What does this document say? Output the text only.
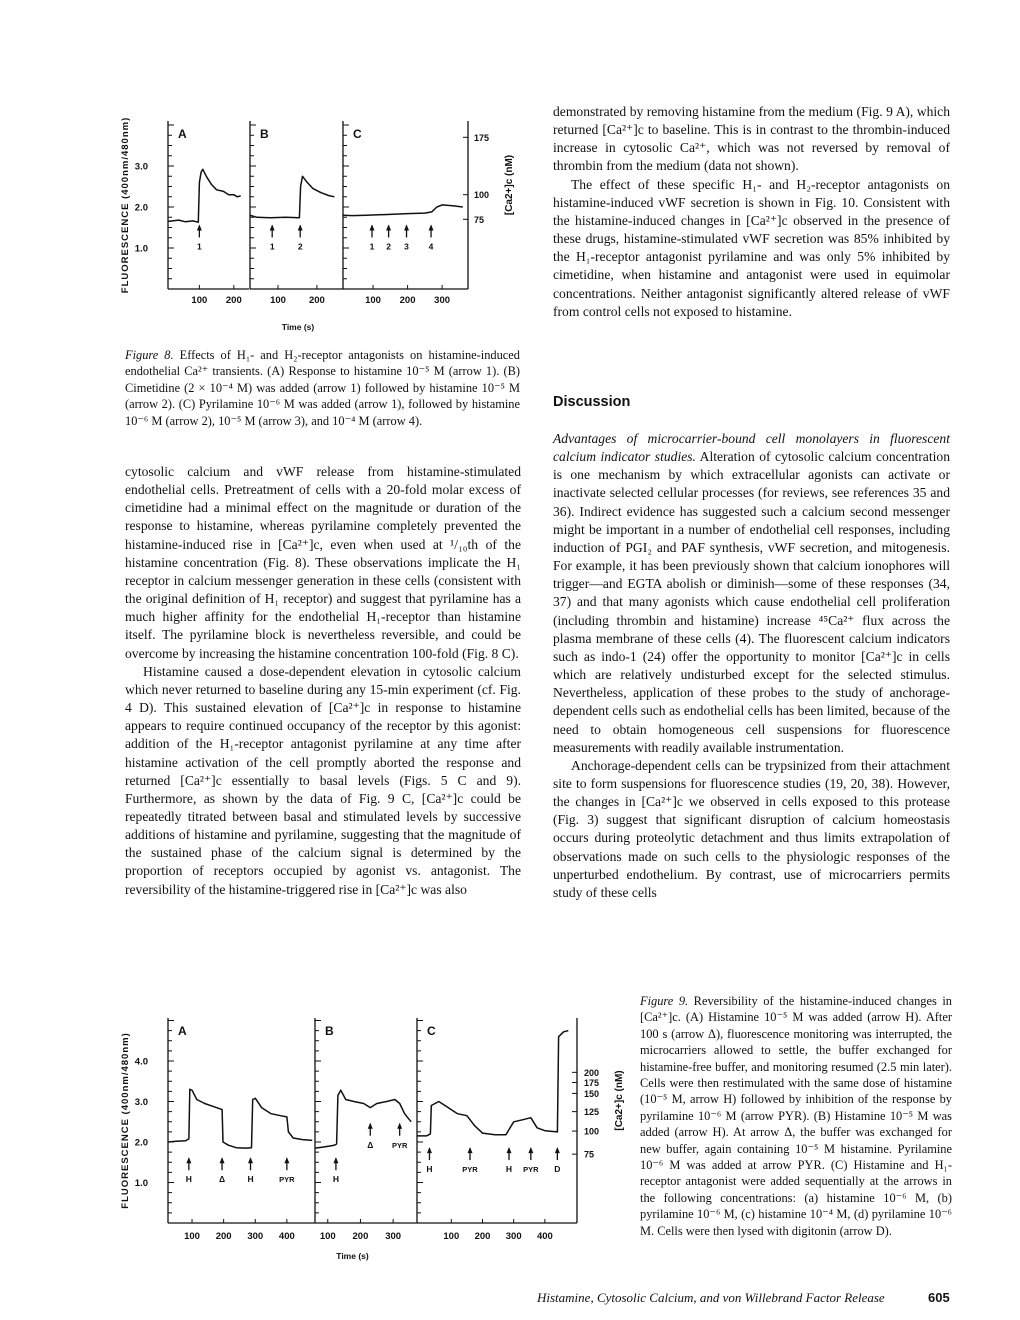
1.0
2.0
3.0
175
100
75
FLUORESCENCE (400nm/480nm)	[Ca2+]c (nM)
Time (s)
100 200
A
1
100 200
B
1	2
100 200 300
C
1 2 3 4
1.0
2.0
3.0
4.0
200
175
150
125
100
75
FLUORESCENCE (400nm/480nm)	[Ca2+]c (nM)
Time (s)
100 200 300 400
A
H	Δ	H	PYR
100 200 300
B
H
Δ PYR
100 200 300 400
C
H	PYR	H PYR D
Figure 8. Effects of H₁- and H₂-receptor antagonists on histamine-induced endothelial Ca²⁺ transients. (A) Response to histamine 10⁻⁵ M (arrow 1). (B) Cimetidine (2 × 10⁻⁴ M) was added (arrow 1) followed by histamine 10⁻⁵ M (arrow 2). (C) Pyrilamine 10⁻⁶ M was added (arrow 1), followed by histamine 10⁻⁶ M (arrow 2), 10⁻⁵ M (arrow 3), and 10⁻⁴ M (arrow 4).

cytosolic calcium and vWF release from histamine-stimulated endothelial cells. Pretreatment of cells with a 20-fold molar excess of cimetidine had a minimal effect on the magnitude or duration of the response to histamine, whereas pyrilamine completely prevented the histamine-induced rise in [Ca²⁺]c, even when used at ¹/₁₀th of the histamine concentration (Fig. 8). These observations implicate the H₁ receptor in calcium messenger generation in these cells (consistent with the original definition of H₁ receptor) and suggest that pyrilamine has a much higher affinity for the endothelial H₁-receptor than histamine itself. The pyrilamine block is nevertheless reversible, and could be overcome by increasing the histamine concentration 100-fold (Fig. 8 C).

Histamine caused a dose-dependent elevation in cytosolic calcium which never returned to baseline during any 15-min experiment (cf. Fig. 4 D). This sustained elevation of [Ca²⁺]c in response to histamine appears to require continued occupancy of the receptor by this agonist: addition of the H₁-receptor antagonist pyrilamine at any time after histamine activation of the cell promptly aborted the response and returned [Ca²⁺]c essentially to basal levels (Figs. 5 C and 9). Furthermore, as shown by the data of Fig. 9 C, [Ca²⁺]c could be repeatedly titrated between basal and stimulated levels by successive additions of histamine and pyrilamine, suggesting that the magnitude of the sustained phase of the calcium signal is determined by the proportion of receptors occupied by agonist vs. antagonist. The reversibility of the histamine-triggered rise in [Ca²⁺]c was also

demonstrated by removing histamine from the medium (Fig. 9 A), which returned [Ca²⁺]c to baseline. This is in contrast to the thrombin-induced increase in cytosolic Ca²⁺, which was not reversed by removal of thrombin from the medium (data not shown).

The effect of these specific H₁- and H₂-receptor antagonists on histamine-induced vWF secretion is shown in Fig. 10. Consistent with the histamine-induced changes in [Ca²⁺]c observed in the presence of these drugs, histamine-stimulated vWF secretion was 85% inhibited by the H₁-receptor antagonist pyrilamine and was only 5% inhibited by cimetidine, when histamine and antagonist were used in equimolar concentrations. Neither antagonist significantly altered release of vWF from control cells not exposed to histamine.

Discussion

Advantages of microcarrier-bound cell monolayers in fluorescent calcium indicator studies. Alteration of cytosolic calcium concentration is one mechanism by which extracellular agonists can activate or inactivate selected cellular processes (for reviews, see references 35 and 36). Indirect evidence has suggested such a calcium second messenger might be important in a number of endothelial cell responses, including induction of PGI₂ and PAF synthesis, vWF secretion, and mitogenesis. For example, it has been previously shown that calcium ionophores will trigger—and EGTA abolish or diminish—some of these responses (34, 37) and that many agonists which cause endothelial cell proliferation (including thrombin and histamine) increase ⁴⁵Ca²⁺ flux across the plasma membrane of these cells (4). The fluorescent calcium indicators such as indo-1 (24) offer the opportunity to monitor [Ca²⁺]c in cells which are relatively undisturbed except for the selected stimulus. Nevertheless, application of these probes to the study of anchorage-dependent cells such as endothelial cells has been limited, because of the need to obtain homogeneous cell suspensions for fluorescence measurements with readily available instrumentation.

Anchorage-dependent cells can be trypsinized from their attachment site to form suspensions for fluorescence studies (19, 20, 38). However, the changes in [Ca²⁺]c we observed in cells exposed to this protease (Fig. 3) suggest that significant disruption of calcium homeostasis occurs during proteolytic detachment and thus limits extrapolation of observations made on such cells to the physiologic responses of the unperturbed endothelium. By contrast, use of microcarriers permits study of these cells

Figure 9. Reversibility of the histamine-induced changes in [Ca²⁺]c. (A) Histamine 10⁻⁵ M was added (arrow H). After 100 s (arrow Δ), fluorescence monitoring was interrupted, the microcarriers allowed to settle, the buffer exchanged for histamine-free buffer, and monitoring resumed (2.5 min later). Cells were then restimulated with the same dose of histamine (10⁻⁵ M, arrow H) followed by inhibition of the response by pyrilamine 10⁻⁶ M (arrow PYR). (B) Histamine 10⁻⁵ M was added (arrow H). At arrow Δ, the buffer was exchanged for new buffer, again containing 10⁻⁵ M histamine. Pyrilamine 10⁻⁶ M was added at arrow PYR. (C) Histamine and H₁-receptor antagonist were added sequentially at the arrows in the following concentrations: (a) histamine 10⁻⁶ M, (b) pyrilamine 10⁻⁶ M, (c) histamine 10⁻⁴ M, (d) pyrilamine 10⁻⁶ M. Cells were then lysed with digitonin (arrow D).
Histamine, Cytosolic Calcium, and von Willebrand Factor Release	605
